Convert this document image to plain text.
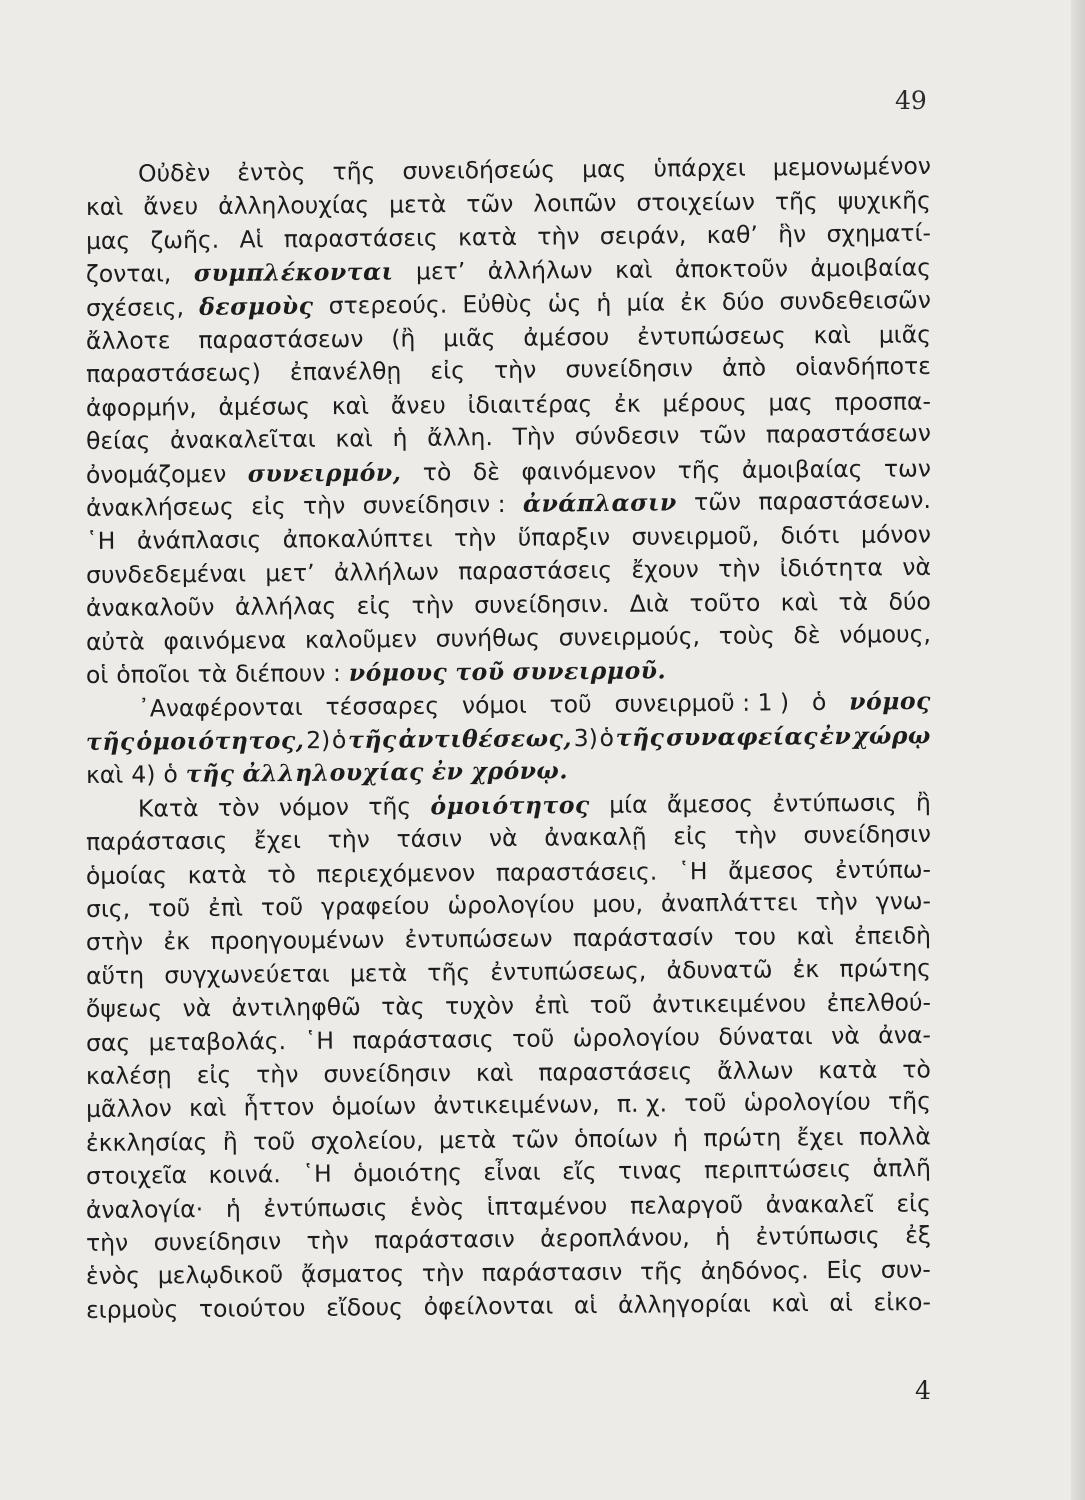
49
Οὐδὲν ἐντὸς τῆς συνειδήσεώς μας ὑπάρχει μεμονωμένον
καὶ ἄνευ ἀλληλουχίας μετὰ τῶν λοιπῶν στοιχείων τῆς ψυχικῆς
μας ζωῆς. Αἱ παραστάσεις κατὰ τὴν σειράν, καθ’ ἣν σχηματί-
ζονται, συμπλέκονται μετ’ ἀλλήλων καὶ ἀποκτοῦν ἀμοιβαίας
σχέσεις, δεσμοὺς στερεούς. Εὐθὺς ὡς ἡ μία ἐκ δύο συνδεθεισῶν
ἄλλοτε παραστάσεων (ἢ μιᾶς ἀμέσου ἐντυπώσεως καὶ μιᾶς
παραστάσεως) ἐπανέλθῃ εἰς τὴν συνείδησιν ἀπὸ οἱανδήποτε
ἀφορμήν, ἀμέσως καὶ ἄνευ ἰδιαιτέρας ἐκ μέρους μας προσπα-
θείας ἀνακαλεῖται καὶ ἡ ἄλλη. Τὴν σύνδεσιν τῶν παραστάσεων
ὀνομάζομεν συνειρμόν, τὸ δὲ φαινόμενον τῆς ἀμοιβαίας των
ἀνακλήσεως εἰς τὴν συνείδησιν : ἀνάπλασιν τῶν παραστάσεων.
῾Η ἀνάπλασις ἀποκαλύπτει τὴν ὕπαρξιν συνειρμοῦ, διότι μόνον
συνδεδεμέναι μετ’ ἀλλήλων παραστάσεις ἔχουν τὴν ἰδιότητα νὰ
ἀνακαλοῦν ἀλλήλας εἰς τὴν συνείδησιν. Διὰ τοῦτο καὶ τὰ δύο
αὐτὰ φαινόμενα καλοῦμεν συνήθως συνειρμούς, τοὺς δὲ νόμους,
οἱ ὁποῖοι τὰ διέπουν : νόμους τοῦ συνειρμοῦ.
᾿Αναφέρονται τέσσαρες νόμοι τοῦ συνειρμοῦ : 1 ) ὁ νόμος
τῆς ὁμοιότητος, 2) ὁ τῆς ἀντιθέσεως, 3) ὁ τῆς συναφείας ἐν χώρῳ
καὶ 4) ὁ τῆς ἀλληλουχίας ἐν χρόνῳ.
Κατὰ τὸν νόμον τῆς ὁμοιότητος μία ἄμεσος ἐντύπωσις ἢ
παράστασις ἔχει τὴν τάσιν νὰ ἀνακαλῇ εἰς τὴν συνείδησιν
ὁμοίας κατὰ τὸ περιεχόμενον παραστάσεις. ῾Η ἄμεσος ἐντύπω-
σις, τοῦ ἐπὶ τοῦ γραφείου ὡρολογίου μου, ἀναπλάττει τὴν γνω-
στὴν ἐκ προηγουμένων ἐντυπώσεων παράστασίν του καὶ ἐπειδὴ
αὕτη συγχωνεύεται μετὰ τῆς ἐντυπώσεως, ἀδυνατῶ ἐκ πρώτης
ὄψεως νὰ ἀντιληφθῶ τὰς τυχὸν ἐπὶ τοῦ ἀντικειμένου ἐπελθού-
σας μεταβολάς. ῾Η παράστασις τοῦ ὡρολογίου δύναται νὰ ἀνα-
καλέσῃ εἰς τὴν συνείδησιν καὶ παραστάσεις ἄλλων κατὰ τὸ
μᾶλλον καὶ ἧττον ὁμοίων ἀντικειμένων, π. χ. τοῦ ὡρολογίου τῆς
ἐκκλησίας ἢ τοῦ σχολείου, μετὰ τῶν ὁποίων ἡ πρώτη ἔχει πολλὰ
στοιχεῖα κοινά. ῾Η ὁμοιότης εἶναι εἴς τινας περιπτώσεις ἁπλῆ
ἀναλογία· ἡ ἐντύπωσις ἑνὸς ἱπταμένου πελαργοῦ ἀνακαλεῖ εἰς
τὴν συνείδησιν τὴν παράστασιν ἀεροπλάνου, ἡ ἐντύπωσις ἐξ
ἑνὸς μελῳδικοῦ ᾄσματος τὴν παράστασιν τῆς ἀηδόνος. Εἰς συν-
ειρμοὺς τοιούτου εἴδους ὀφείλονται αἱ ἀλληγορίαι καὶ αἱ εἰκο-
4
